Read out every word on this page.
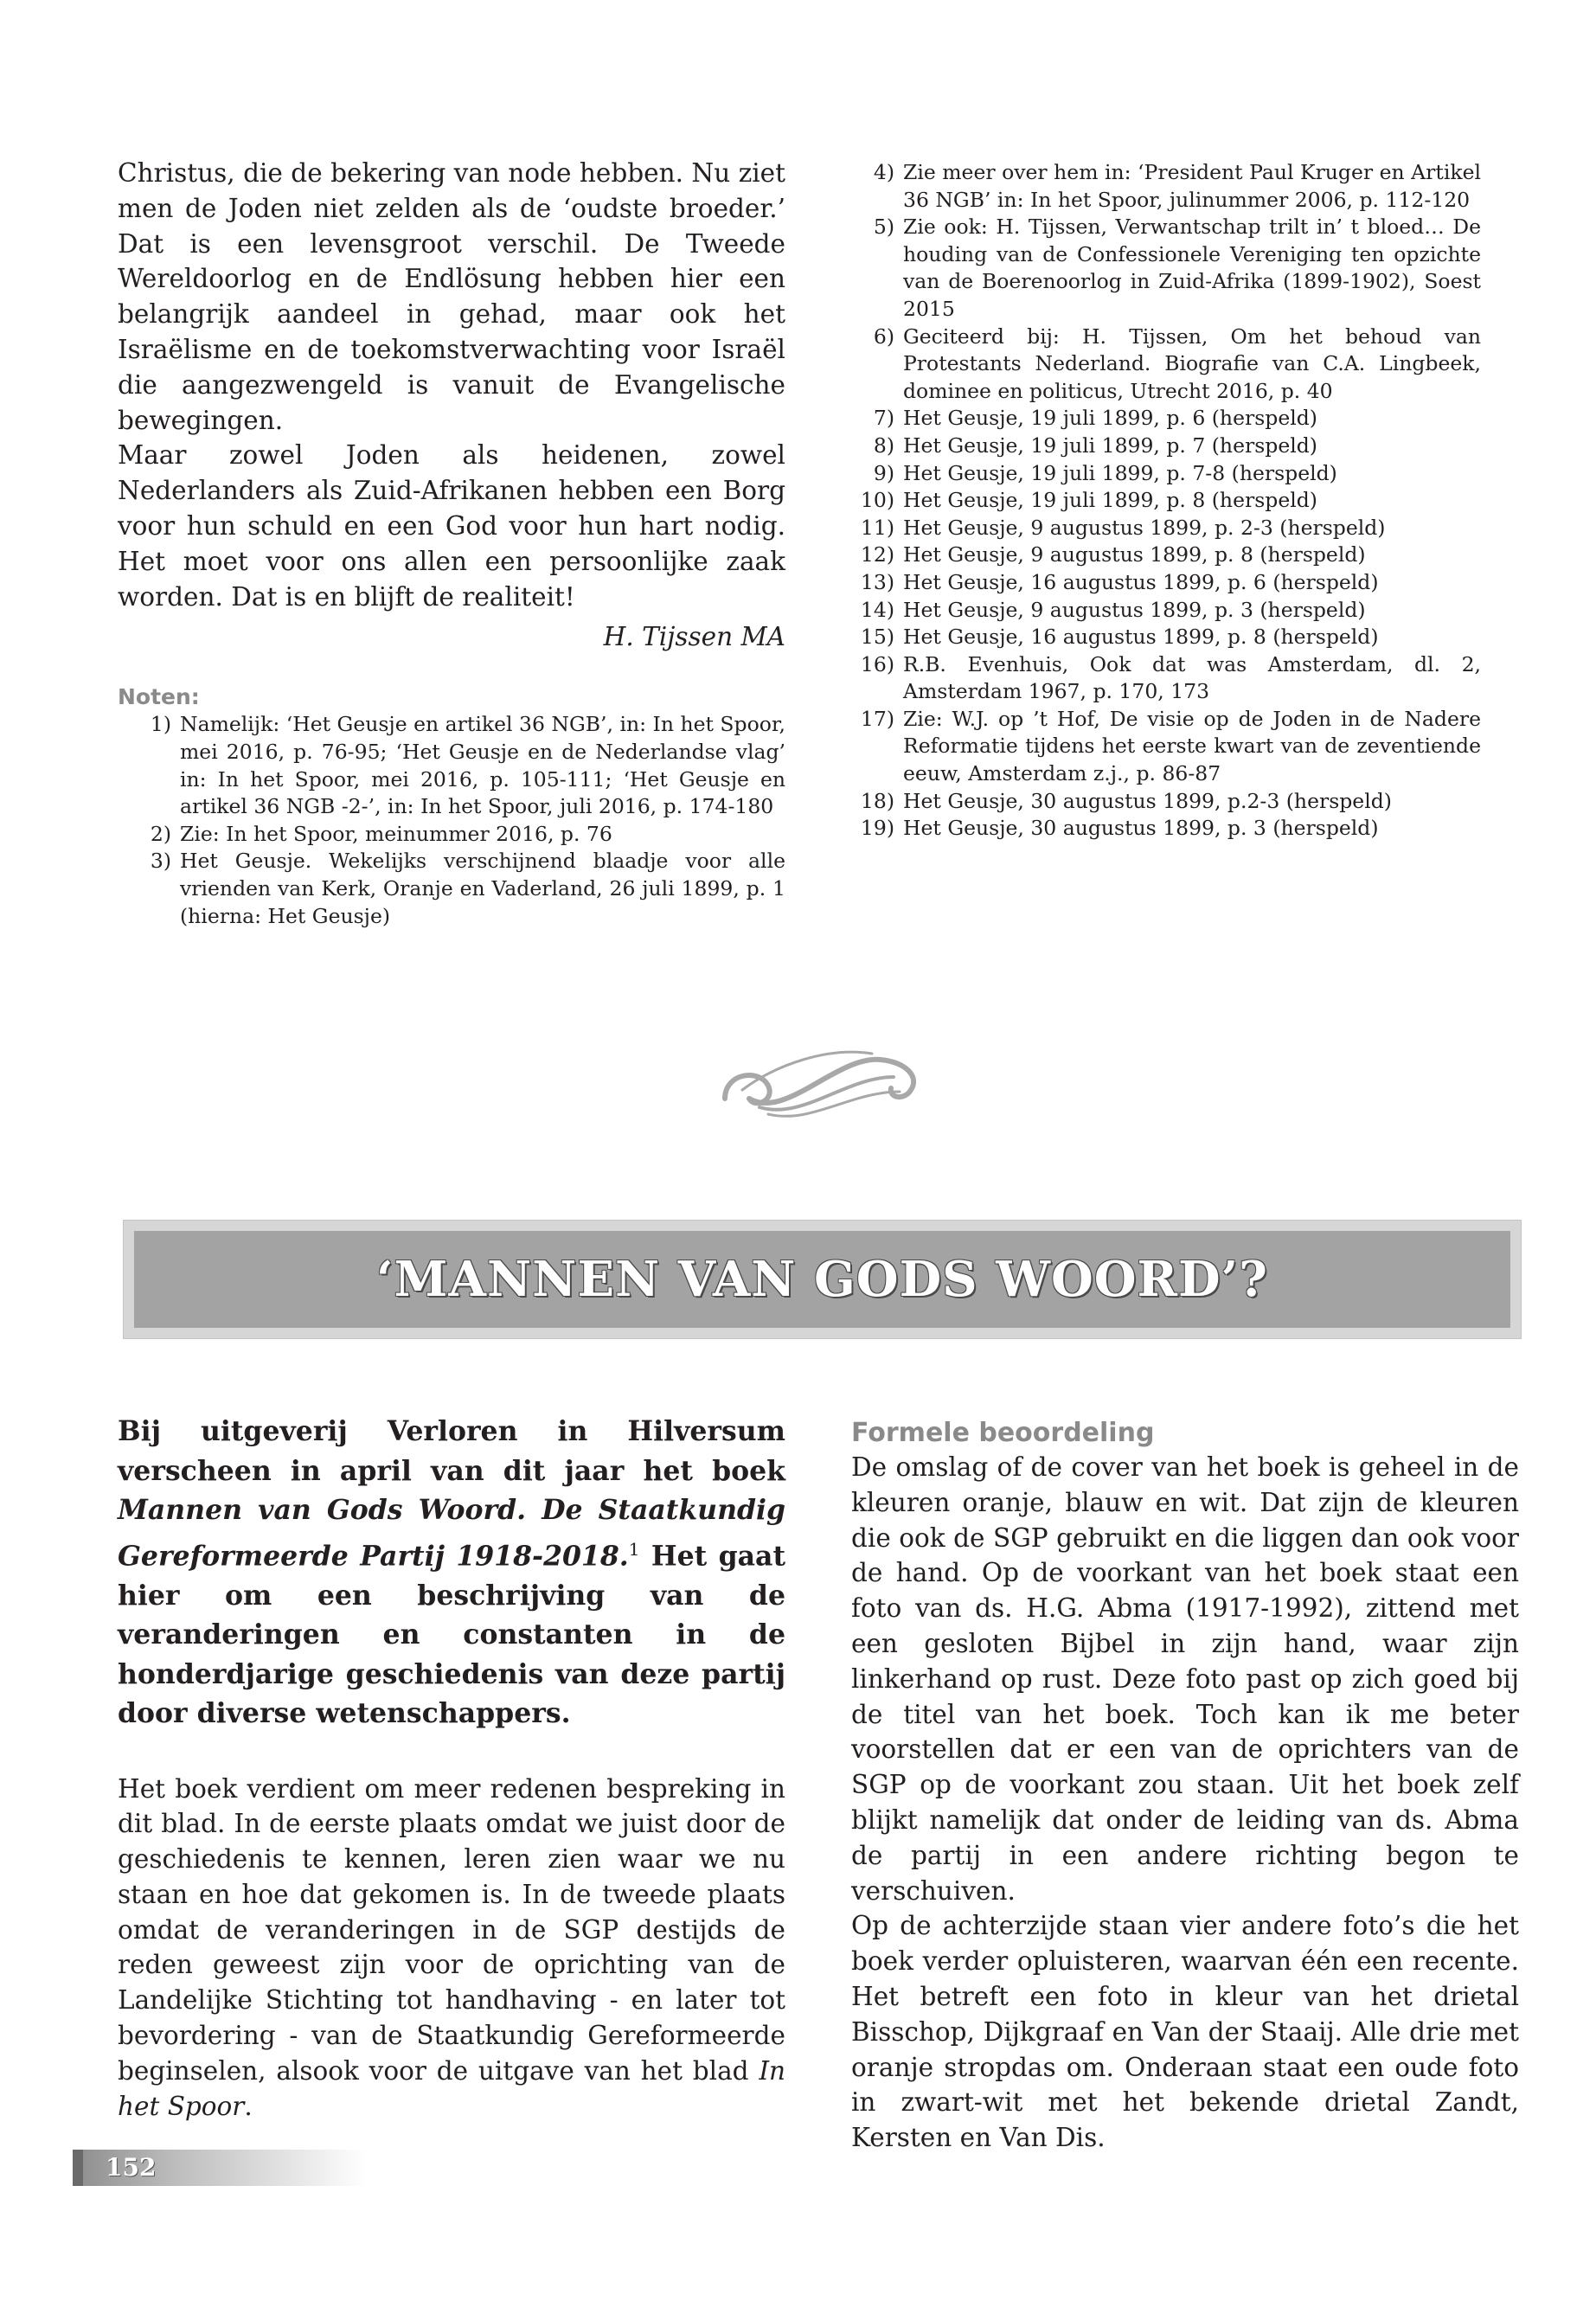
Christus, die de bekering van node hebben. Nu ziet men de Joden niet zelden als de ‘oudste broeder.’ Dat is een levensgroot verschil. De Tweede Wereldoorlog en de Endlösung hebben hier een belangrijk aandeel in gehad, maar ook het Israëlisme en de toekomstverwachting voor Israël die aangezwengeld is vanuit de Evangelische bewegingen.

Maar zowel Joden als heidenen, zowel Nederlanders als Zuid-Afrikanen hebben een Borg voor hun schuld en een God voor hun hart nodig. Het moet voor ons allen een persoonlijke zaak worden. Dat is en blijft de realiteit!

H. Tijssen MA
Noten:
1) Namelijk: ‘Het Geusje en artikel 36 NGB’, in: In het Spoor, mei 2016, p. 76-95; ‘Het Geusje en de Nederlandse vlag’ in: In het Spoor, mei 2016, p. 105-111; ‘Het Geusje en artikel 36 NGB -2-’, in: In het Spoor, juli 2016, p. 174-180
2) Zie: In het Spoor, meinummer 2016, p. 76
3) Het Geusje. Wekelijks verschijnend blaadje voor alle vrienden van Kerk, Oranje en Vaderland, 26 juli 1899, p. 1 (hierna: Het Geusje)
4) Zie meer over hem in: ‘President Paul Kruger en Artikel 36 NGB’ in: In het Spoor, julinummer 2006, p. 112-120
5) Zie ook: H. Tijssen, Verwantschap trilt in’ t bloed… De houding van de Confessionele Vereniging ten opzichte van de Boerenoorlog in Zuid-Afrika (1899-1902), Soest 2015
6) Geciteerd bij: H. Tijssen, Om het behoud van Protestants Nederland. Biografie van C.A. Lingbeek, dominee en politicus, Utrecht 2016, p. 40
7) Het Geusje, 19 juli 1899, p. 6 (herspeld)
8) Het Geusje, 19 juli 1899, p. 7 (herspeld)
9) Het Geusje, 19 juli 1899, p. 7-8 (herspeld)
10) Het Geusje, 19 juli 1899, p. 8 (herspeld)
11) Het Geusje, 9 augustus 1899, p. 2-3 (herspeld)
12) Het Geusje, 9 augustus 1899, p. 8 (herspeld)
13) Het Geusje, 16 augustus 1899, p. 6 (herspeld)
14) Het Geusje, 9 augustus 1899, p. 3 (herspeld)
15) Het Geusje, 16 augustus 1899, p. 8 (herspeld)
16) R.B. Evenhuis, Ook dat was Amsterdam, dl. 2, Amsterdam 1967, p. 170, 173
17) Zie: W.J. op ’t Hof, De visie op de Joden in de Nadere Reformatie tijdens het eerste kwart van de zeventiende eeuw, Amsterdam z.j., p. 86-87
18) Het Geusje, 30 augustus 1899, p.2-3 (herspeld)
19) Het Geusje, 30 augustus 1899, p. 3 (herspeld)
‘MANNEN VAN GODS WOORD’?

Bij uitgeverij Verloren in Hilversum verscheen in april van dit jaar het boek Mannen van Gods Woord. De Staatkundig Gereformeerde Partij 1918-2018.$^1$ Het gaat hier om een beschrijving van de veranderingen en constanten in de honderdjarige geschiedenis van deze partij door diverse wetenschappers.

Het boek verdient om meer redenen bespreking in dit blad. In de eerste plaats omdat we juist door de geschiedenis te kennen, leren zien waar we nu staan en hoe dat gekomen is. In de tweede plaats omdat de veranderingen in de SGP destijds de reden geweest zijn voor de oprichting van de Landelijke Stichting tot handhaving - en later tot bevordering - van de Staatkundig Gereformeerde beginselen, alsook voor de uitgave van het blad In het Spoor.

Formele beoordeling

De omslag of de cover van het boek is geheel in de kleuren oranje, blauw en wit. Dat zijn de kleuren die ook de SGP gebruikt en die liggen dan ook voor de hand. Op de voorkant van het boek staat een foto van ds. H.G. Abma (1917-1992), zittend met een gesloten Bijbel in zijn hand, waar zijn linkerhand op rust. Deze foto past op zich goed bij de titel van het boek. Toch kan ik me beter voorstellen dat er een van de oprichters van de SGP op de voorkant zou staan. Uit het boek zelf blijkt namelijk dat onder de leiding van ds. Abma de partij in een andere richting begon te verschuiven.

Op de achterzijde staan vier andere foto’s die het boek verder opluisteren, waarvan één een recente. Het betreft een foto in kleur van het drietal Bisschop, Dijkgraaf en Van der Staaij. Alle drie met oranje stropdas om. Onderaan staat een oude foto in zwart-wit met het bekende drietal Zandt, Kersten en Van Dis.

152
